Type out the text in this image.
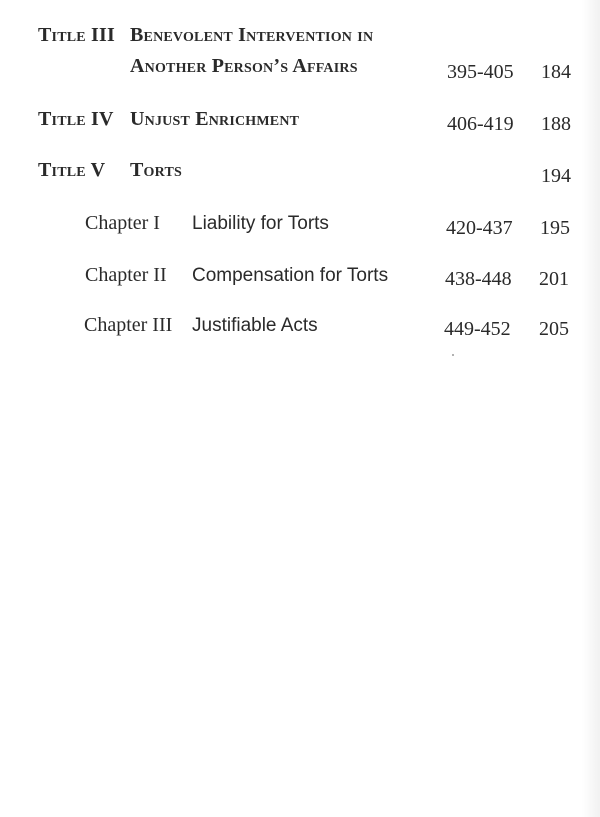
Title III Benevolent Intervention in
Another Person’s Affairs	395-405 184
Title IV Unjust Enrichment	406-419 188
Title V Torts	194
Chapter I Liability for Torts	420-437 195
Chapter II Compensation for Torts	438-448 201
Chapter III Justifiable Acts	449-452 205
